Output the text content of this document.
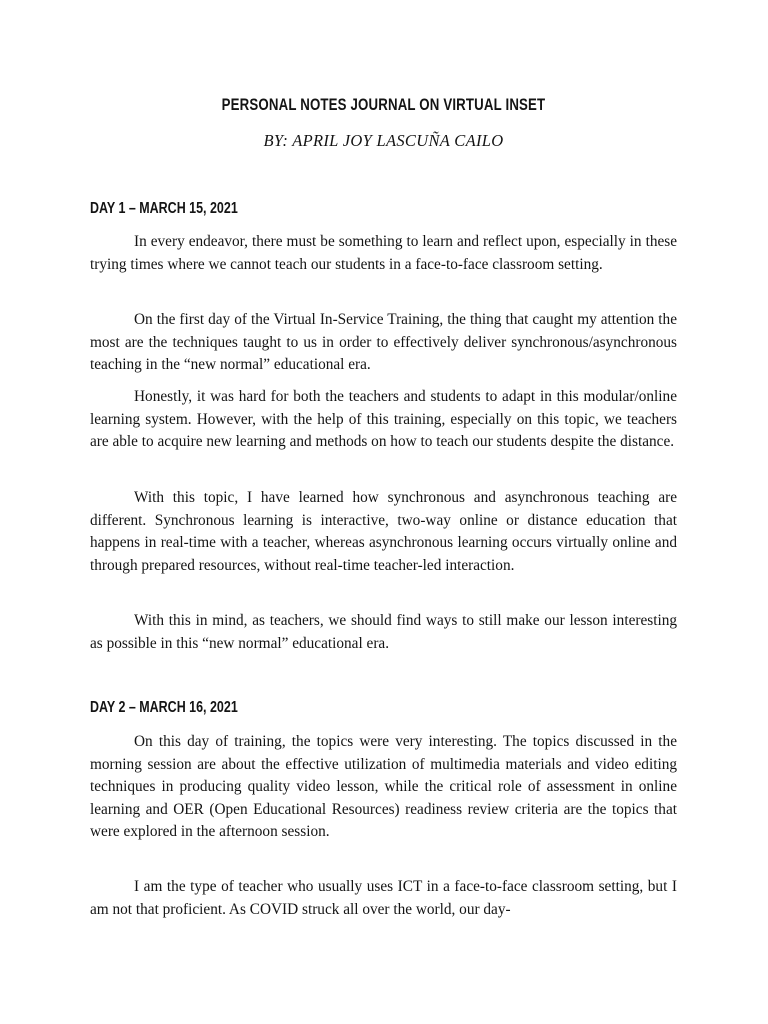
PERSONAL NOTES JOURNAL ON VIRTUAL INSET
BY: APRIL JOY LASCUÑA CAILO
DAY 1 – MARCH 15, 2021

In every endeavor, there must be something to learn and reflect upon, especially in these trying times where we cannot teach our students in a face-to-face classroom setting.

On the first day of the Virtual In-Service Training, the thing that caught my attention the most are the techniques taught to us in order to effectively deliver synchronous/asynchronous teaching in the “new normal” educational era.

Honestly, it was hard for both the teachers and students to adapt in this modular/online learning system. However, with the help of this training, especially on this topic, we teachers are able to acquire new learning and methods on how to teach our students despite the distance.

With this topic, I have learned how synchronous and asynchronous teaching are different. Synchronous learning is interactive, two-way online or distance education that happens in real-time with a teacher, whereas asynchronous learning occurs virtually online and through prepared resources, without real-time teacher-led interaction.

With this in mind, as teachers, we should find ways to still make our lesson interesting as possible in this “new normal” educational era.

DAY 2 – MARCH 16, 2021

On this day of training, the topics were very interesting. The topics discussed in the morning session are about the effective utilization of multimedia materials and video editing techniques in producing quality video lesson, while the critical role of assessment in online learning and OER (Open Educational Resources) readiness review criteria are the topics that were explored in the afternoon session.

I am the type of teacher who usually uses ICT in a face-to-face classroom setting, but I am not that proficient. As COVID struck all over the world, our day-
